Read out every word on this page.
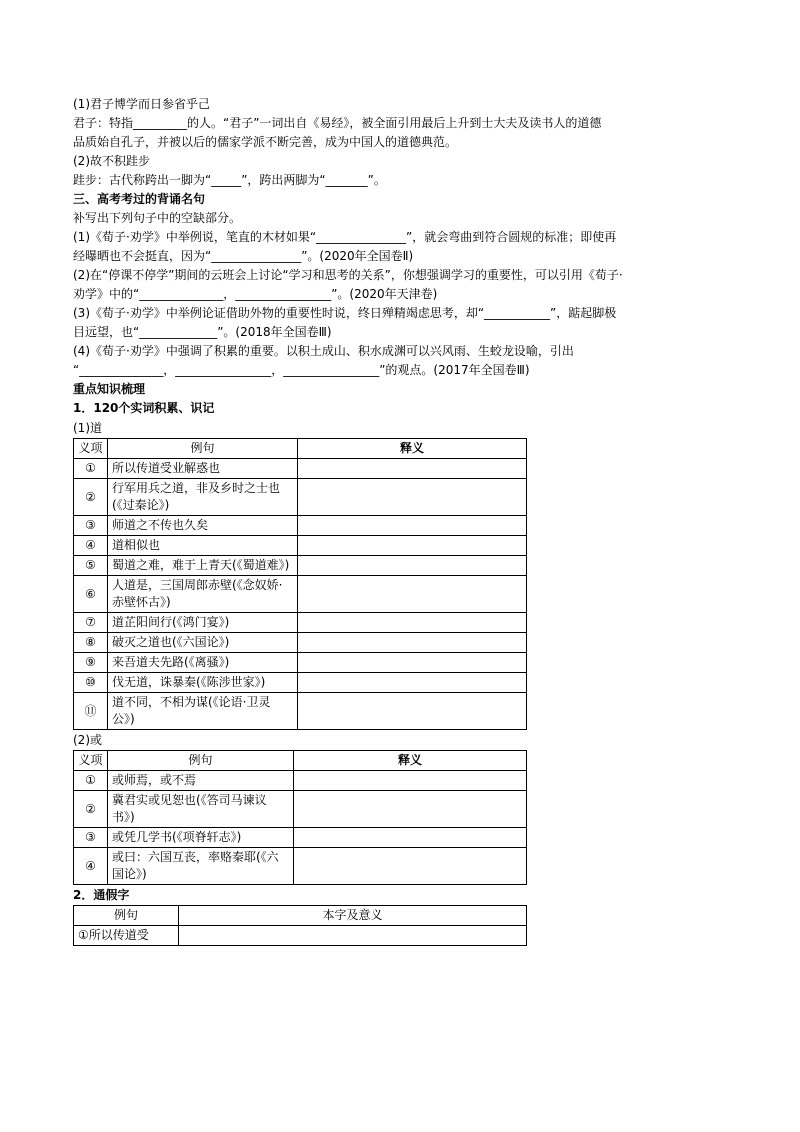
(1)君子博学而日参省乎己

君子：特指_________的人。“君子”一词出自《易经》，被全面引用最后上升到士大夫及读书人的道德

品质始自孔子，并被以后的儒家学派不断完善，成为中国人的道德典范。

(2)故不积跬步

跬步：古代称跨出一脚为“_____”，跨出两脚为“_______”。

三、高考考过的背诵名句

补写出下列句子中的空缺部分。

(1)《荀子·劝学》中举例说，笔直的木材如果“_______________”，就会弯曲到符合圆规的标准；即使再

经曝晒也不会挺直，因为“_______________”。(2020年全国卷Ⅱ)

(2)在“停课不停学”期间的云班会上讨论“学习和思考的关系”，你想强调学习的重要性，可以引用《荀子·

劝学》中的“______________，________________”。(2020年天津卷)

(3)《荀子·劝学》中举例论证借助外物的重要性时说，终日殚精竭虑思考，却“___________”，踮起脚极

目远望，也“_____________”。(2018年全国卷Ⅲ)

(4)《荀子·劝学》中强调了积累的重要。以积土成山、积水成渊可以兴风雨、生蛟龙设喻，引出

“______________，________________，________________”的观点。(2017年全国卷Ⅲ)

重点知识梳理

1．120个实词积累、识记

(1)道

义项	例句	释义
①	所以传道受业解惑也	
②	行军用兵之道，非及乡时之士也(《过秦论》)	
③	师道之不传也久矣	
④	道相似也	
⑤	蜀道之难，难于上青天(《蜀道难》)	
⑥	人道是，三国周郎赤壁(《念奴娇·赤壁怀古》)	
⑦	道芷阳间行(《鸿门宴》)	
⑧	破灭之道也(《六国论》)	
⑨	来吾道夫先路(《离骚》)	
⑩	伐无道，诛暴秦(《陈涉世家》)	
⑪	道不同，不相为谋(《论语·卫灵公》)	

(2)或

义项	例句	释义
①	或师焉，或不焉	
②	冀君实或见恕也(《答司马谏议书》)	
③	或凭几学书(《项脊轩志》)	
④	或曰：六国互丧，率赂秦耶(《六国论》)	

2．通假字

例句	本字及意义
①所以传道受	
